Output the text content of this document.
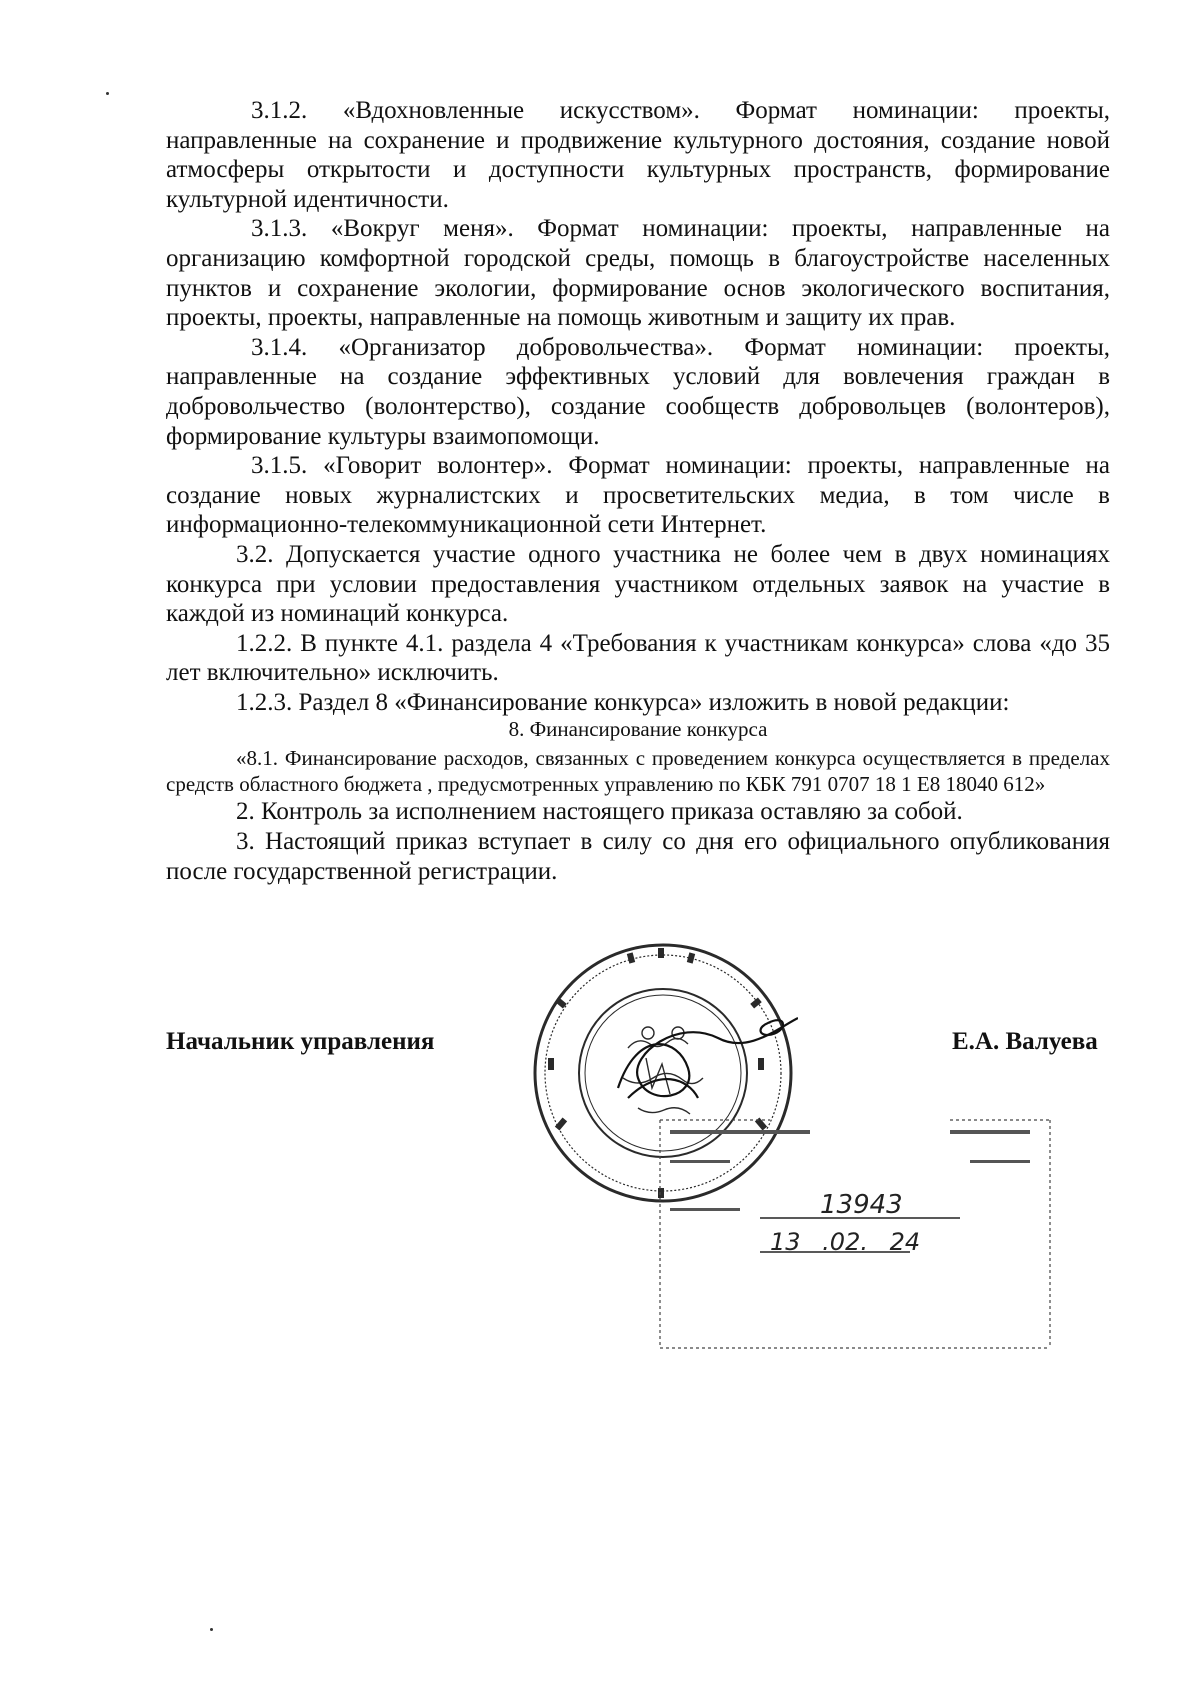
3.1.2. «Вдохновленные искусством». Формат номинации: проекты, направленные на сохранение и продвижение культурного достояния, создание новой атмосферы открытости и доступности культурных пространств, формирование культурной идентичности.

3.1.3. «Вокруг меня». Формат номинации: проекты, направленные на организацию комфортной городской среды, помощь в благоустройстве населенных пунктов и сохранение экологии, формирование основ экологического воспитания, проекты, проекты, направленные на помощь животным и защиту их прав.

3.1.4. «Организатор добровольчества». Формат номинации: проекты, направленные на создание эффективных условий для вовлечения граждан в добровольчество (волонтерство), создание сообществ добровольцев (волонтеров), формирование культуры взаимопомощи.

3.1.5. «Говорит волонтер». Формат номинации: проекты, направленные на создание новых журналистских и просветительских медиа, в том числе в информационно-телекоммуникационной сети Интернет.

3.2. Допускается участие одного участника не более чем в двух номинациях конкурса при условии предоставления участником отдельных заявок на участие в каждой из номинаций конкурса.

1.2.2. В пункте 4.1. раздела 4 «Требования к участникам конкурса» слова «до 35 лет включительно» исключить.

1.2.3. Раздел 8 «Финансирование конкурса» изложить в новой редакции:

8. Финансирование конкурса

«8.1. Финансирование расходов, связанных с проведением конкурса осуществляется в пределах средств областного бюджета , предусмотренных управлению по КБК 791 0707 18 1 Е8 18040 612»

2. Контроль за исполнением настоящего приказа оставляю за собой.

3. Настоящий приказ вступает в силу со дня его официального опубликования после государственной регистрации.

Начальник управления	Е.А. Валуева
13943
13 .02. 24
